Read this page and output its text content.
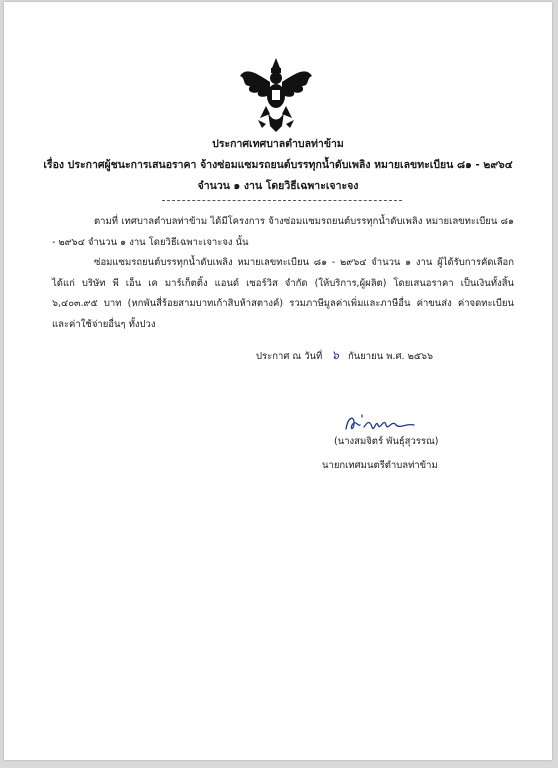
ประกาศเทศบาลตำบลท่าข้าม
เรื่อง ประกาศผู้ชนะการเสนอราคา จ้างซ่อมแซมรถยนต์บรรทุกน้ำดับเพลิง หมายเลขทะเบียน ๘๑ - ๒๙๖๔
จำนวน ๑ งาน โดยวิธีเฉพาะเจาะจง
ตามที่ เทศบาลตำบลท่าข้าม ได้มีโครงการ จ้างซ่อมแซมรถยนต์บรรทุกน้ำดับเพลิง หมายเลขทะเบียน ๘๑ - ๒๙๖๔ จำนวน ๑ งาน โดยวิธีเฉพาะเจาะจง นั้น
ซ่อมแซมรถยนต์บรรทุกน้ำดับเพลิง หมายเลขทะเบียน ๘๑ - ๒๙๖๔ จำนวน ๑ งาน ผู้ได้รับการคัดเลือก ได้แก่ บริษัท พี เอ็น เค มาร์เก็ตติ้ง แอนด์ เซอร์วิส จำกัด (ให้บริการ,ผู้ผลิต) โดยเสนอราคา เป็นเงินทั้งสิ้น ๖,๔๐๓.๙๕ บาท (หกพันสี่ร้อยสามบาทเก้าสิบห้าสตางค์) รวมภาษีมูลค่าเพิ่มและภาษีอื่น ค่าขนส่ง ค่าจดทะเบียน และค่าใช้จ่ายอื่นๆ ทั้งปวง
ประกาศ ณ วันที่ ๖ กันยายน พ.ศ. ๒๕๖๖
(นางสมจิตร์ พันธุ์สุวรรณ)
นายกเทศมนตรีตำบลท่าข้าม
